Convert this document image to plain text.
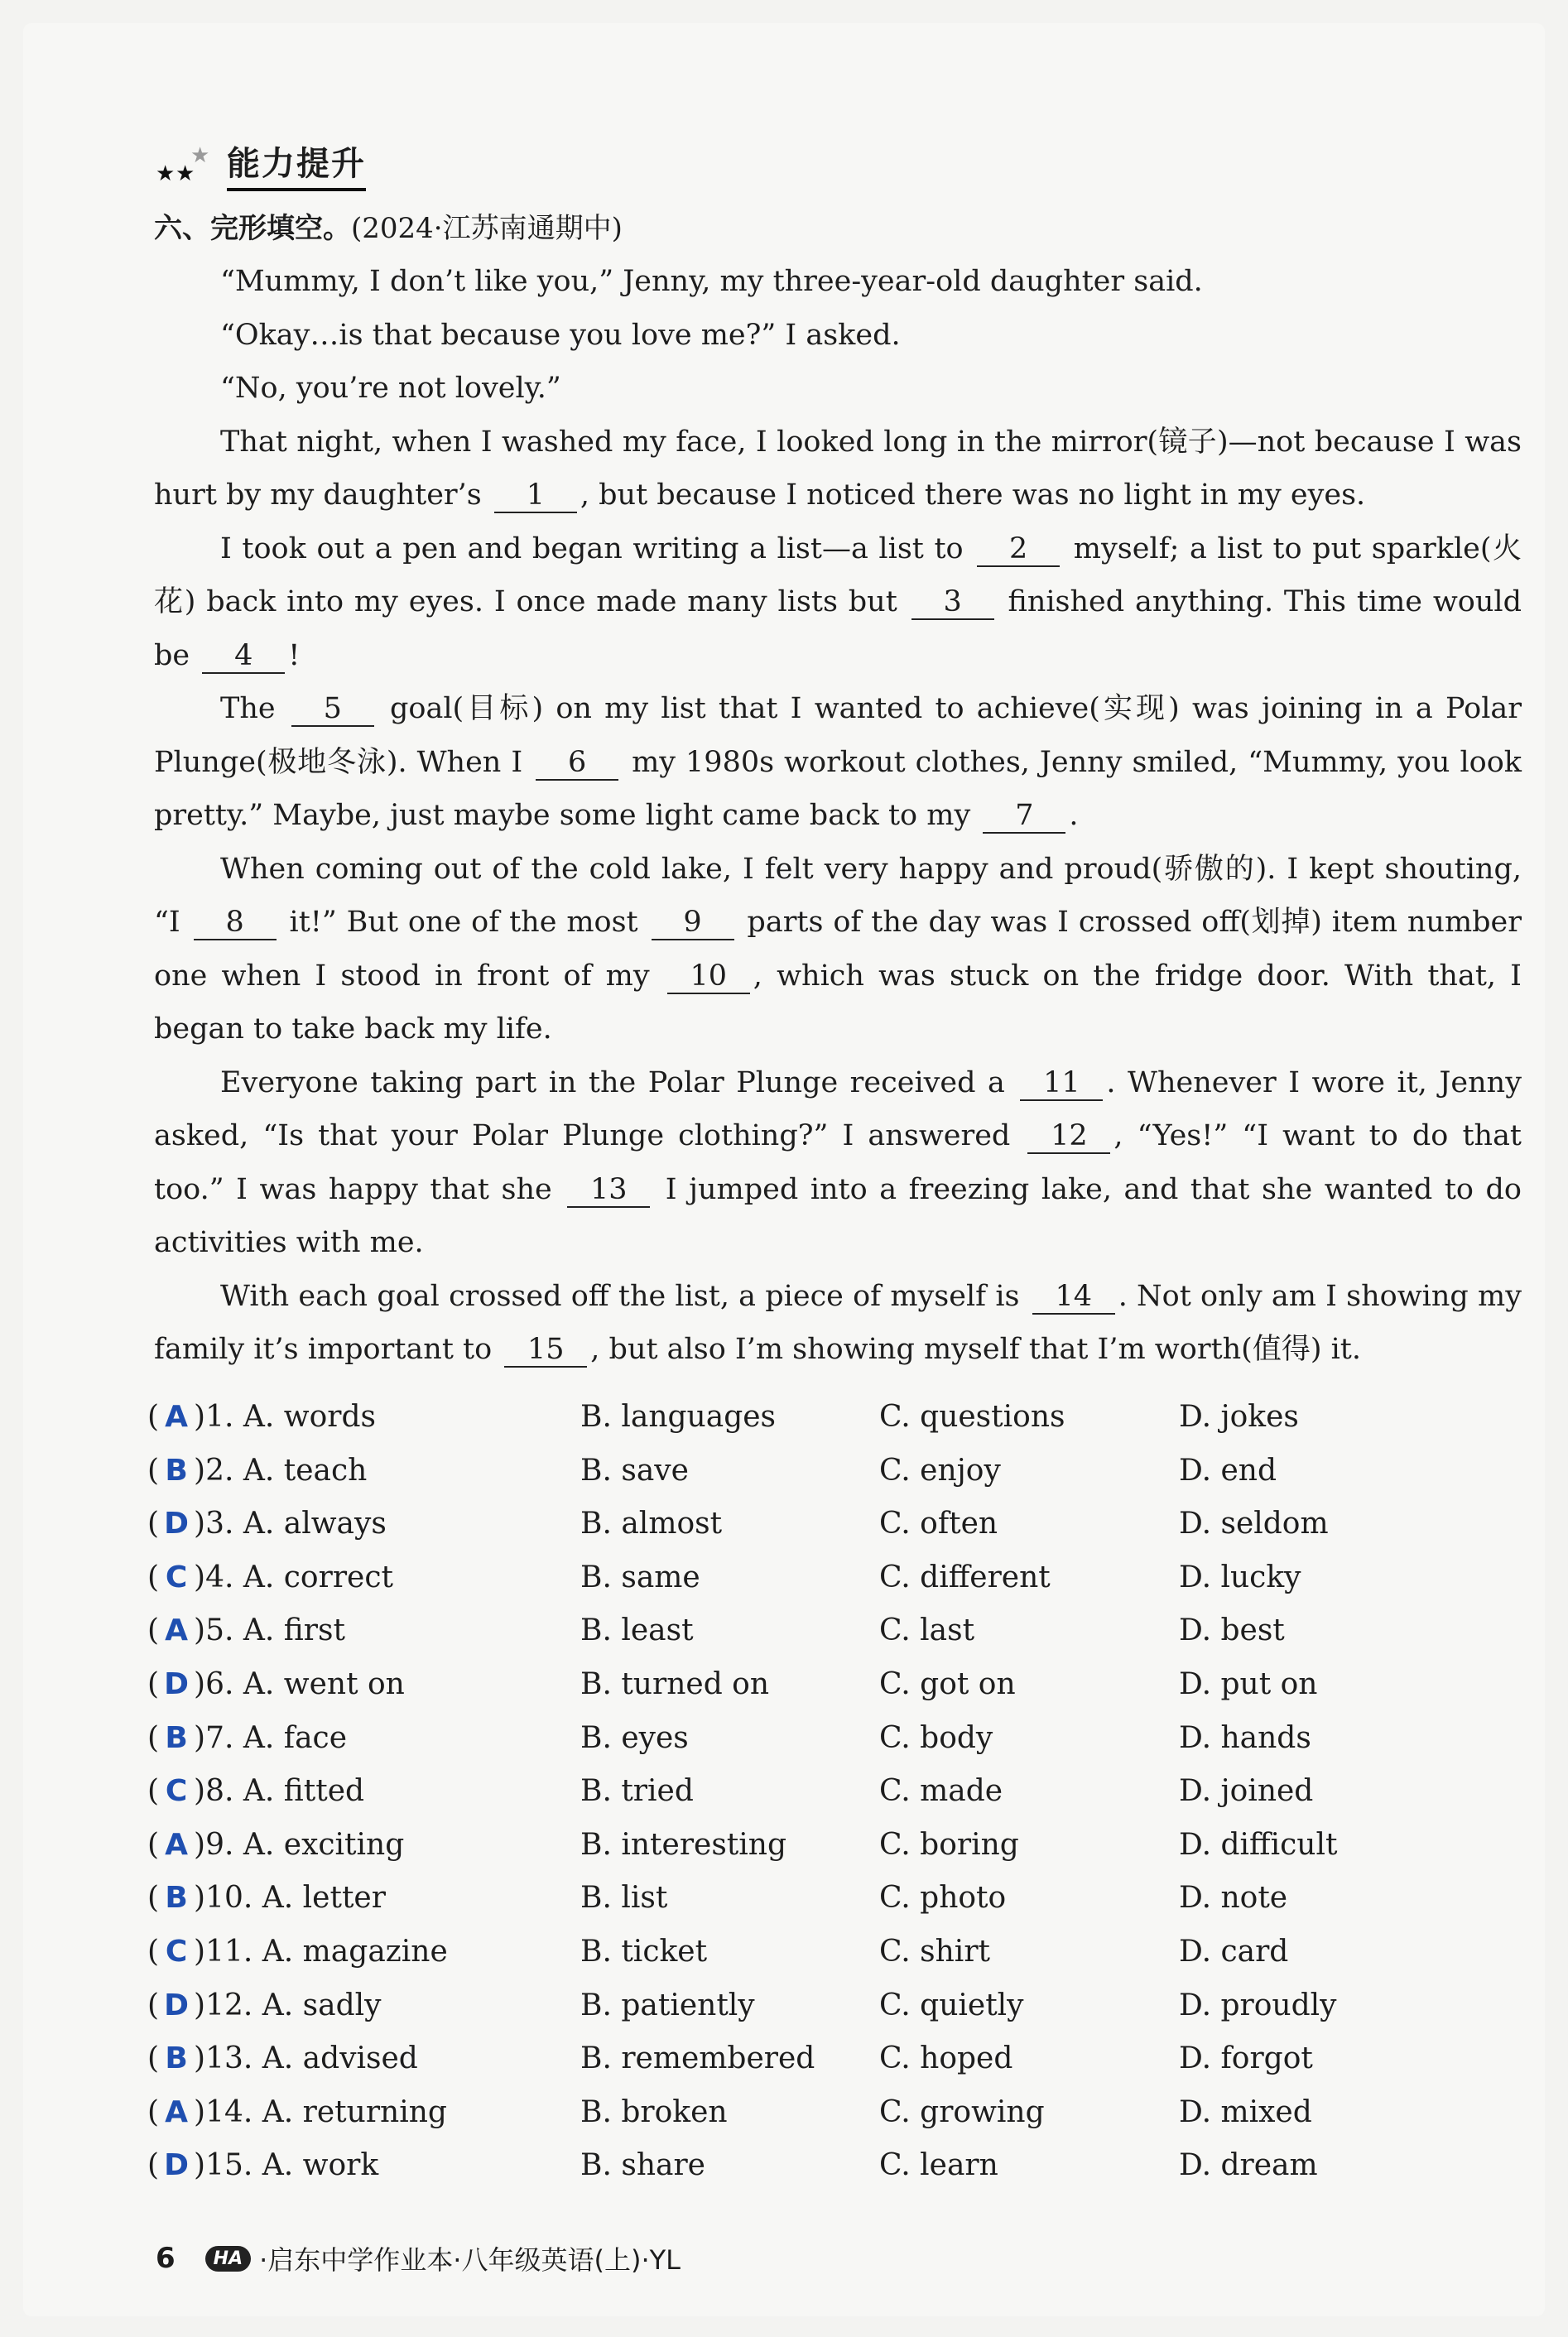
★ ★
★ 能力提升
六、完形填空。(2024·江苏南通期中)

“Mummy, I don’t like you,” Jenny, my three-year-old daughter said.

“Okay…is that because you love me?” I asked.

“No, you’re not lovely.”

That night, when I washed my face, I looked long in the mirror(镜子)—not because I was hurt by my daughter’s 1 , but because I noticed there was no light in my eyes.

I took out a pen and began writing a list—a list to 2 myself; a list to put sparkle(火花) back into my eyes. I once made many lists but 3 finished anything. This time would be 4 !

The 5 goal(目标) on my list that I wanted to achieve(实现) was joining in a Polar Plunge(极地冬泳). When I 6 my 1980s workout clothes, Jenny smiled, “Mummy, you look pretty.” Maybe, just maybe some light came back to my 7 .

When coming out of the cold lake, I felt very happy and proud(骄傲的). I kept shouting, “I 8 it!” But one of the most 9 parts of the day was I crossed off(划掉) item number one when I stood in front of my 10 , which was stuck on the fridge door. With that, I began to take back my life.

Everyone taking part in the Polar Plunge received a 11 . Whenever I wore it, Jenny asked, “Is that your Polar Plunge clothing?” I answered 12 , “Yes!” “I want to do that too.” I was happy that she 13 I jumped into a freezing lake, and that she wanted to do activities with me.

With each goal crossed off the list, a piece of myself is 14 . Not only am I showing my family it’s important to 15 , but also I’m showing myself that I’m worth(值得) it.

( A )1. A. words	B. languages	C. questions	D. jokes
( B )2. A. teach	B. save	C. enjoy	D. end
( D )3. A. always	B. almost	C. often	D. seldom
( C )4. A. correct	B. same	C. different	D. lucky
( A )5. A. first	B. least	C. last	D. best
( D )6. A. went on	B. turned on	C. got on	D. put on
( B )7. A. face	B. eyes	C. body	D. hands
( C )8. A. fitted	B. tried	C. made	D. joined
( A )9. A. exciting	B. interesting	C. boring	D. difficult
( B )10. A. letter	B. list	C. photo	D. note
( C )11. A. magazine	B. ticket	C. shirt	D. card
( D )12. A. sadly	B. patiently	C. quietly	D. proudly
( B )13. A. advised	B. remembered C. hoped	D. forgot
( A )14. A. returning	B. broken	C. growing	D. mixed
( D )15. A. work	B. share	C. learn	D. dream
6	HA ·启东中学作业本·八年级英语(上)·YL
